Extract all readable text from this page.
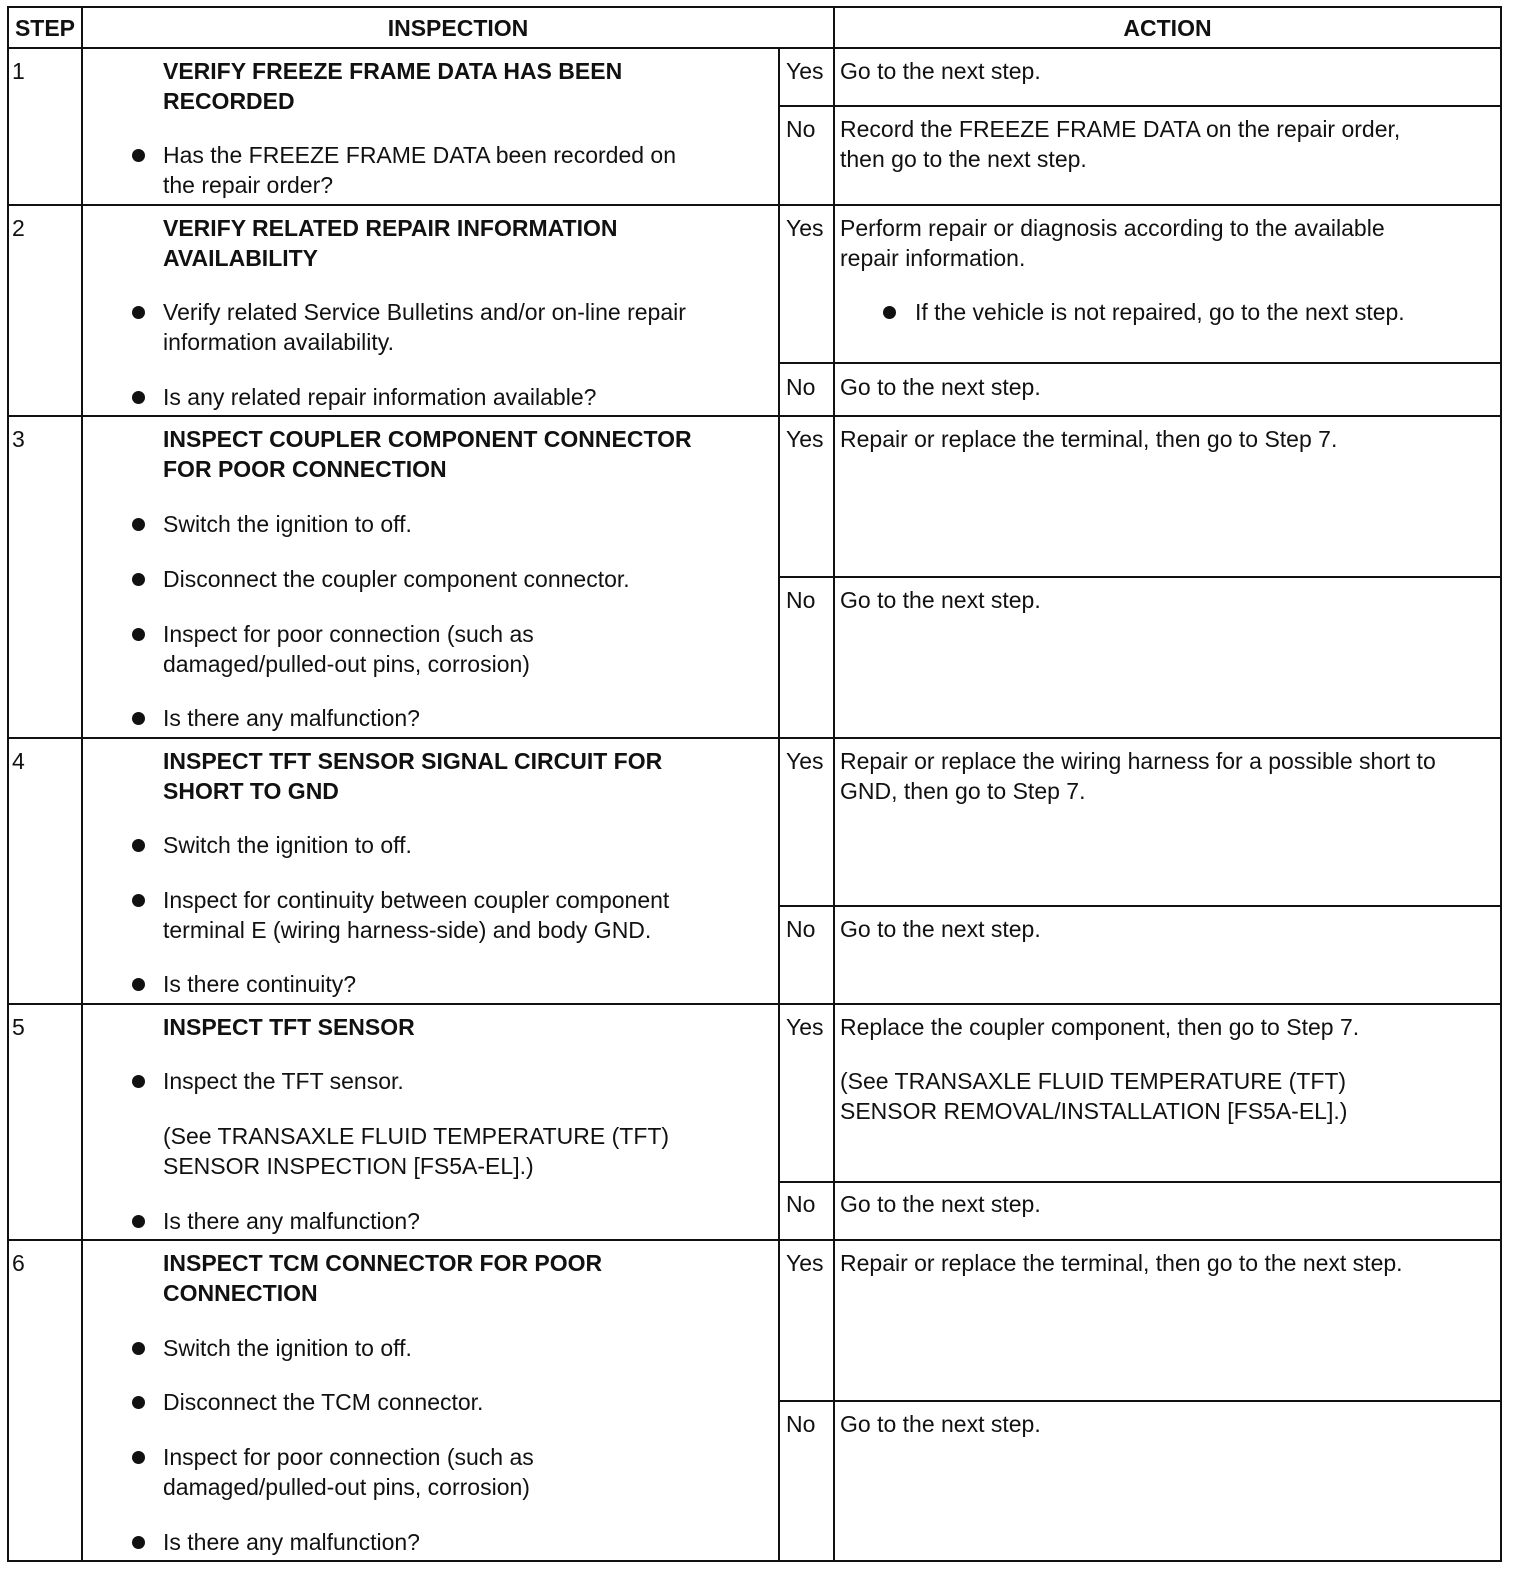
STEP	INSPECTION	ACTION
1	VERIFY FREEZE FRAME DATA HAS BEEN
RECORDED
Has the FREEZE FRAME DATA been recorded on
the repair order?
Yes Go to the next step.
No Record the FREEZE FRAME DATA on the repair order,
then go to the next step.
2	VERIFY RELATED REPAIR INFORMATION
AVAILABILITY
Verify related Service Bulletins and/or on-line repair
information availability.
Is any related repair information available?
Yes Perform repair or diagnosis according to the available
repair information.
If the vehicle is not repaired, go to the next step.
No Go to the next step.
3	INSPECT COUPLER COMPONENT CONNECTOR
FOR POOR CONNECTION
Switch the ignition to off.
Disconnect the coupler component connector.
Inspect for poor connection (such as
damaged/pulled-out pins, corrosion)
Is there any malfunction?
Yes Repair or replace the terminal, then go to Step 7.
No Go to the next step.
4	INSPECT TFT SENSOR SIGNAL CIRCUIT FOR
SHORT TO GND
Switch the ignition to off.
Inspect for continuity between coupler component
terminal E (wiring harness-side) and body GND.
Is there continuity?
Yes Repair or replace the wiring harness for a possible short to
GND, then go to Step 7.
No Go to the next step.
5	INSPECT TFT SENSOR
Inspect the TFT sensor.
(See TRANSAXLE FLUID TEMPERATURE (TFT)
SENSOR INSPECTION [FS5A-EL].)
Is there any malfunction?
Yes Replace the coupler component, then go to Step 7.
(See TRANSAXLE FLUID TEMPERATURE (TFT)
SENSOR REMOVAL/INSTALLATION [FS5A-EL].)
No Go to the next step.
6	INSPECT TCM CONNECTOR FOR POOR
CONNECTION
Switch the ignition to off.
Disconnect the TCM connector.
Inspect for poor connection (such as
damaged/pulled-out pins, corrosion)
Is there any malfunction?
Yes Repair or replace the terminal, then go to the next step.
No Go to the next step.
